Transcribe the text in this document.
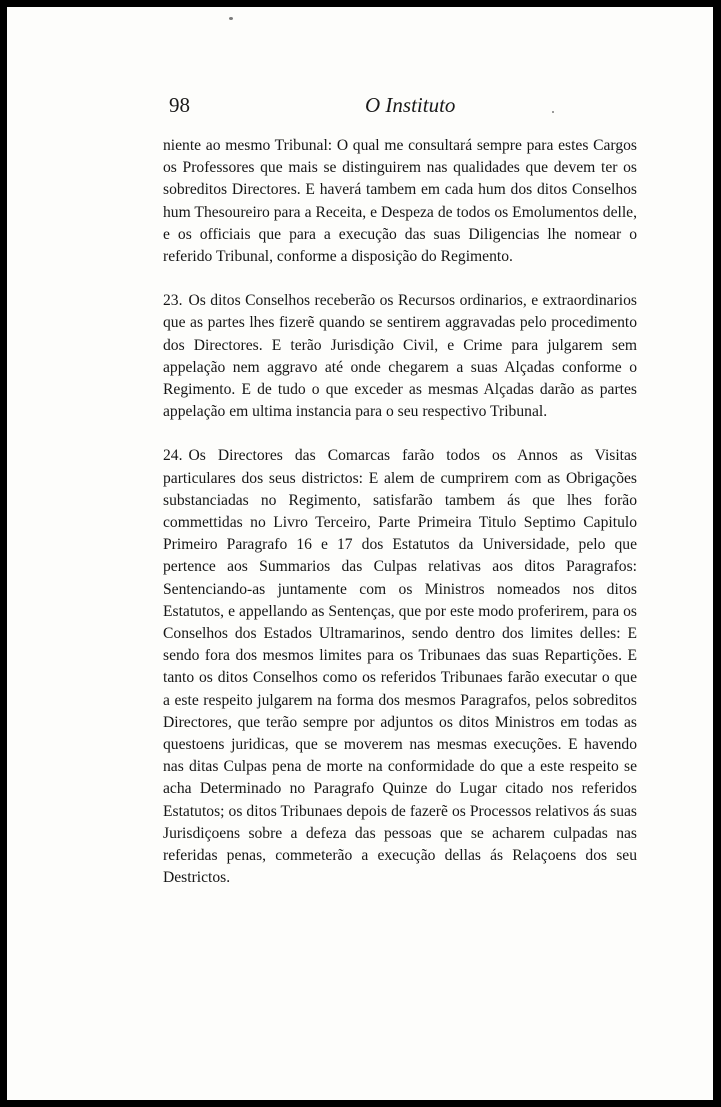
98	O Instituto

niente ao mesmo Tribunal: O qual me consultará sempre para estes Cargos os Professores que mais se distinguirem nas qualidades que devem ter os sobreditos Directores. E haverá tambem em cada hum dos ditos Conselhos hum Thesoureiro para a Receita, e Despeza de todos os Emolumentos delle, e os officiais que para a execução das suas Diligencias lhe nomear o referido Tribunal, conforme a disposição do Regimento.

23. Os ditos Conselhos receberão os Recursos ordinarios, e extraordinarios que as partes lhes fizerẽ quando se sentirem aggravadas pelo procedimento dos Directores. E terão Jurisdição Civil, e Crime para julgarem sem appelação nem aggravo até onde chegarem a suas Alçadas conforme o Regimento. E de tudo o que exceder as mesmas Alçadas darão as partes appelação em ultima instancia para o seu respectivo Tribunal.

24. Os Directores das Comarcas farão todos os Annos as Visitas particulares dos seus districtos: E alem de cumprirem com as Obrigações substanciadas no Regimento, satisfarão tambem ás que lhes forão commettidas no Livro Terceiro, Parte Primeira Titulo Septimo Capitulo Primeiro Paragrafo 16 e 17 dos Estatutos da Universidade, pelo que pertence aos Summarios das Culpas relativas aos ditos Paragrafos: Sentenciando-as juntamente com os Ministros nomeados nos ditos Estatutos, e appellando as Sentenças, que por este modo proferirem, para os Conselhos dos Estados Ultramarinos, sendo dentro dos limites delles: E sendo fora dos mesmos limites para os Tribunaes das suas Repartições. E tanto os ditos Conselhos como os referidos Tribunaes farão executar o que a este respeito julgarem na forma dos mesmos Paragrafos, pelos sobreditos Directores, que terão sempre por adjuntos os ditos Ministros em todas as questoens juridicas, que se moverem nas mesmas execuções. E havendo nas ditas Culpas pena de morte na conformidade do que a este respeito se acha Determinado no Paragrafo Quinze do Lugar citado nos referidos Estatutos; os ditos Tribunaes depois de fazerẽ os Processos relativos ás suas Jurisdiçoens sobre a defeza das pessoas que se acharem culpadas nas referidas penas, commeterão a execução dellas ás Relaçoens dos seu Destrictos.
